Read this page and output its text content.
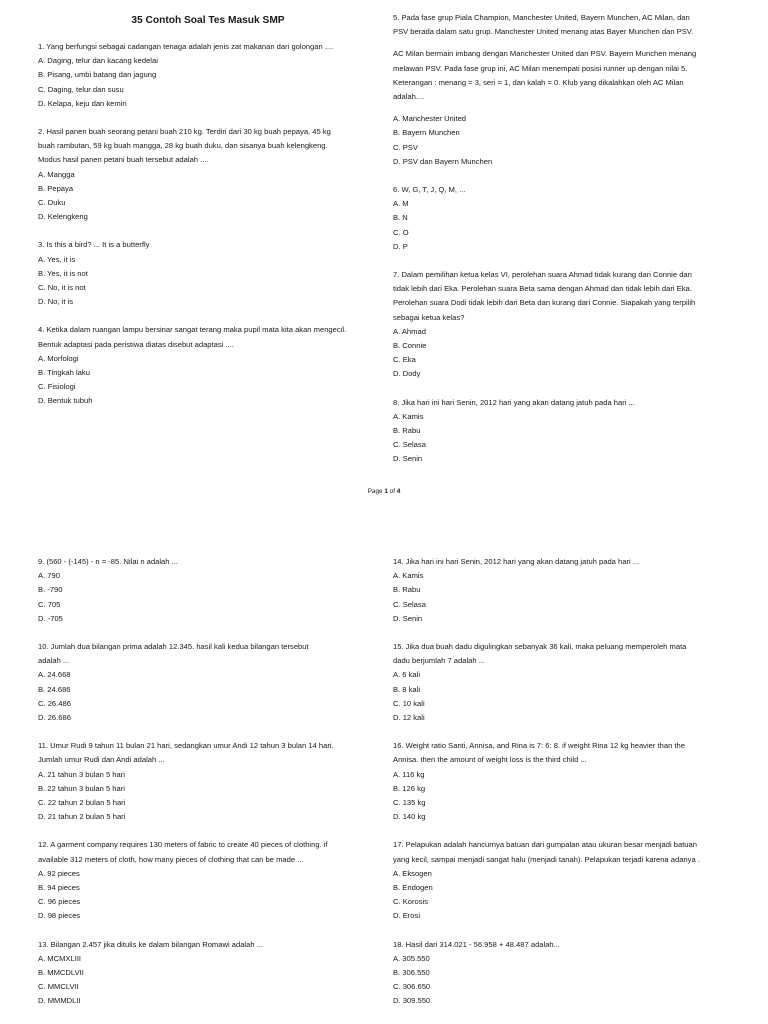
35 Contoh Soal Tes Masuk SMP

1. Yang berfungsi sebagai cadangan tenaga adalah jenis zat makanan dari golongan ....

A. Daging, telur dan kacang kedelai

B. Pisang, umbi batang dan jagung

C. Daging, telur dan susu

D. Kelapa, keju dan kemiri

2. Hasil panen buah seorang petani buah 210 kg. Terdiri dari 30 kg buah pepaya, 45 kg

buah rambutan, 59 kg buah mangga, 28 kg buah duku, dan sisanya buah kelengkeng.

Modus hasil panen petani buah tersebut adalah ....

A. Mangga

B. Pepaya

C. Duku

D. Kelengkeng

3. Is this a bird? ... It is a butterfly

A. Yes, it is

B. Yes, it is not

C. No, it is not

D. No, it is

4. Ketika dalam ruangan lampu bersinar sangat terang maka pupil mata kita akan mengecil.

Bentuk adaptasi pada peristiwa diatas disebut adaptasi ....

A. Morfologi

B. Tingkah laku

C. Fisiologi

D. Bentuk tubuh

5. Pada fase grup Piala Champion, Manchester United, Bayern Munchen, AC Milan, dan

PSV berada dalam satu grup. Manchester United menang atas Bayer Munchen dan PSV.

AC Milan bermain imbang dengan Manchester United dan PSV. Bayern Munchen menang

melawan PSV. Pada fase grup ini, AC Milan menempati posisi runner up dengan nilai 5.

Keterangan : menang = 3, seri = 1, dan kalah = 0. Klub yang dikalahkan oleh AC Milan

adalah....

A. Manchester United

B. Bayern Munchen

C. PSV

D. PSV dan Bayern Munchen

6. W, G, T, J, Q, M, ...

A. M

B. N

C. O

D. P

7. Dalam pemilihan ketua kelas VI, perolehan suara Ahmad tidak kurang dari Connie dan

tidak lebih dari Eka. Perolehan suara Beta sama dengan Ahmad dan tidak lebih dari Eka.

Perolehan suara Dodi tidak lebih dari Beta dan kurang dari Connie. Siapakah yang terpilih

sebagai ketua kelas?

A. Ahmad

B. Connie

C. Eka

D. Dody

8. Jika hari ini hari Senin, 2012 hari yang akan datang jatuh pada hari ...

A. Kamis

B. Rabu

C. Selasa

D. Senin

Page 1 of 4

9. (560 - (-145) - n = -85. Nilai n adalah ...

A. 790

B. -790

C. 705

D. -705

10. Jumlah dua bilangan prima adalah 12.345. hasil kali kedua bilangan tersebut

adalah ...

A. 24.668

B. 24.686

C. 26.486

D. 26.686

11. Umur Rudi 9 tahun 11 bulan 21 hari, sedangkan umur Andi 12 tahun 3 bulan 14 hari.

Jumlah umur Rudi dan Andi adalah ...

A. 21 tahun 3 bulan 5 hari

B. 22 tahun 3 bulan 5 hari

C. 22 tahun 2 bulan 5 hari

D. 21 tahun 2 bulan 5 hari

12. A garment company requires 130 meters of fabric to create 40 pieces of clothing. if

available 312 meters of cloth, how many pieces of clothing that can be made ...

A. 92 pieces

B. 94 pieces

C. 96 pieces

D. 98 pieces

13. Bilangan 2.457 jika ditulis ke dalam bilangan Romawi adalah ...

A. MCMXLIII

B. MMCDLVII

C. MMCLVII

D. MMMDLII

14. Jika hari ini hari Senin, 2012 hari yang akan datang jatuh pada hari ...

A. Kamis

B. Rabu

C. Selasa

D. Senin

15. Jika dua buah dadu digulingkan sebanyak 36 kali, maka peluang memperoleh mata

dadu berjumlah 7 adalah ...

A. 6 kali

B. 8 kali

C. 10 kali

D. 12 kali

16. Weight ratio Santi, Annisa, and Rina is 7: 6: 8. if weight Rina 12 kg heavier than the

Annisa. then the amount of weight loss is the third child ...

A. 116 kg

B. 126 kg

C. 135 kg

D. 140 kg

17. Pelapukan adalah hancurnya batuan dari gumpalan atau ukuran besar menjadi batuan

yang kecil, sampai menjadi sangat halu (menjadi tanah). Pelapukan terjadi karena adanya .

A. Eksogen

B. Endogen

C. Korosis

D. Erosi

18. Hasil dari 314.021 - 56.958 + 48.487 adalah...

A. 305.550

B. 306.550

C. 306.650

D. 309.550
